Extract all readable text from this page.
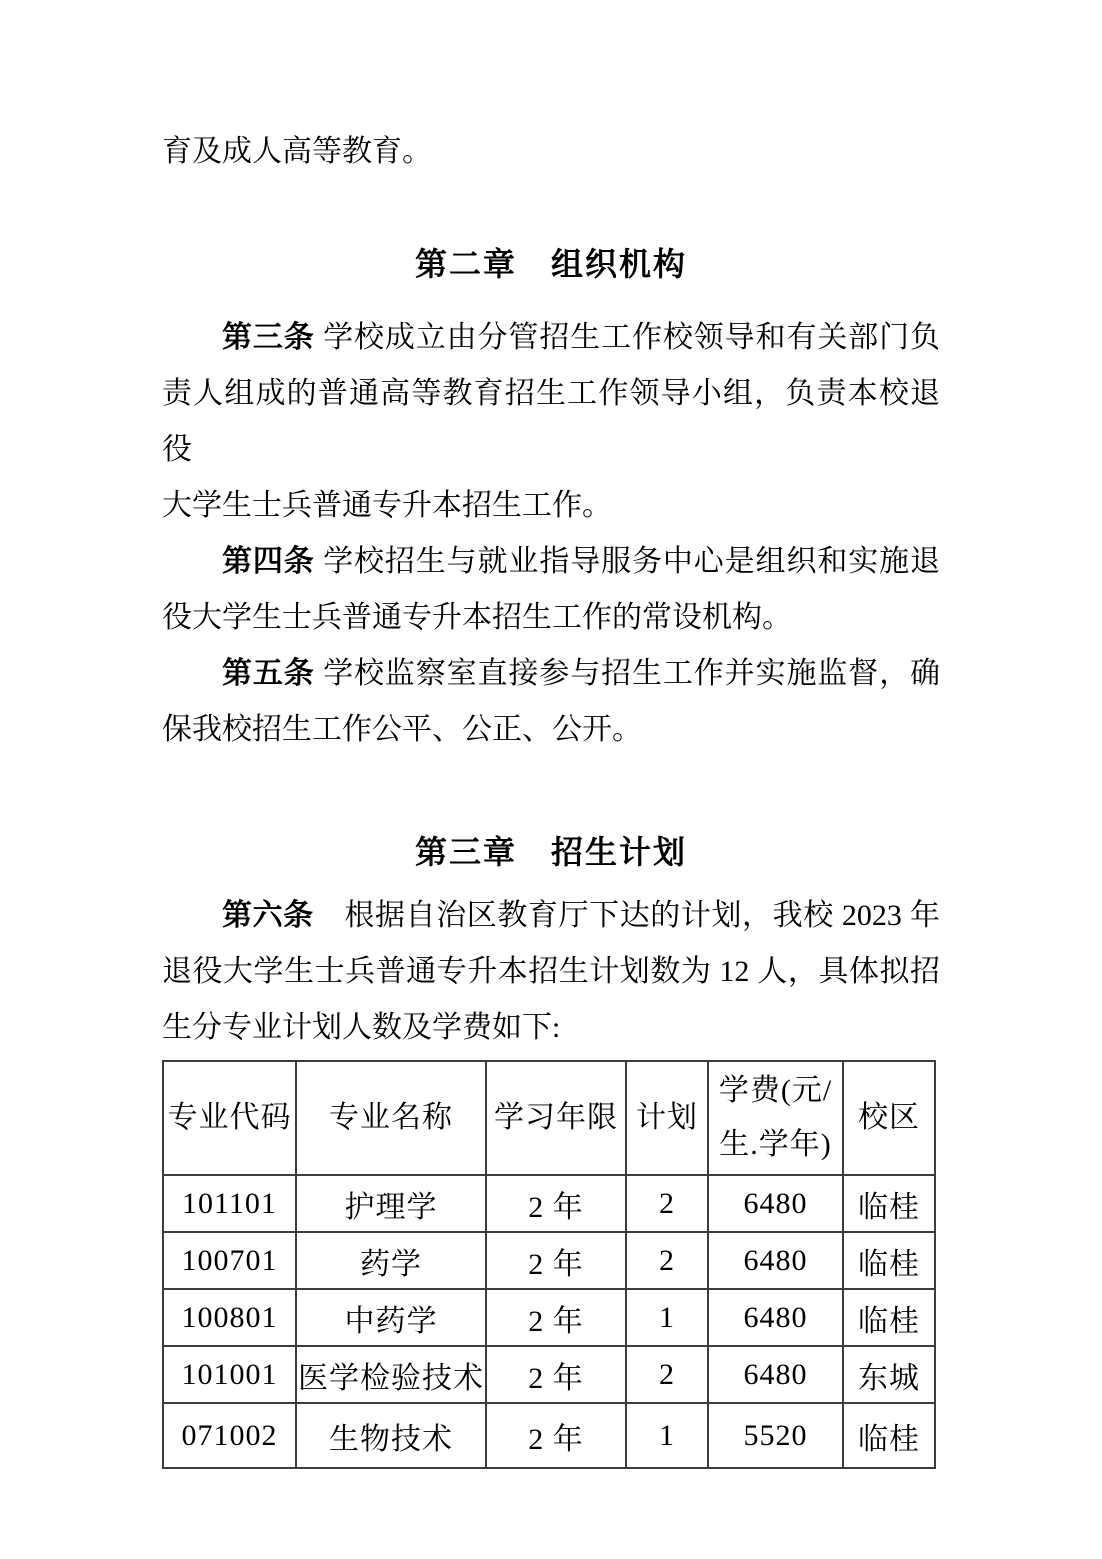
育及成人高等教育。
第二章　组织机构
第三条 学校成立由分管招生工作校领导和有关部门负
责人组成的普通高等教育招生工作领导小组，负责本校退役
大学生士兵普通专升本招生工作。
第四条 学校招生与就业指导服务中心是组织和实施退
役大学生士兵普通专升本招生工作的常设机构。
第五条 学校监察室直接参与招生工作并实施监督，确
保我校招生工作公平、公正、公开。
第三章　招生计划
第六条　根据自治区教育厅下达的计划，我校 2023 年
退役大学生士兵普通专升本招生计划数为 12 人，具体拟招
生分专业计划人数及学费如下:
专业代码	专业名称	学习年限	计划	学费(元/
生.学年)	校区
101101	护理学	2 年	2	6480	临桂
100701	药学	2 年	2	6480	临桂
100801	中药学	2 年	1	6480	临桂
101001	医学检验技术	2 年	2	6480	东城
071002	生物技术	2 年	1	5520	临桂
